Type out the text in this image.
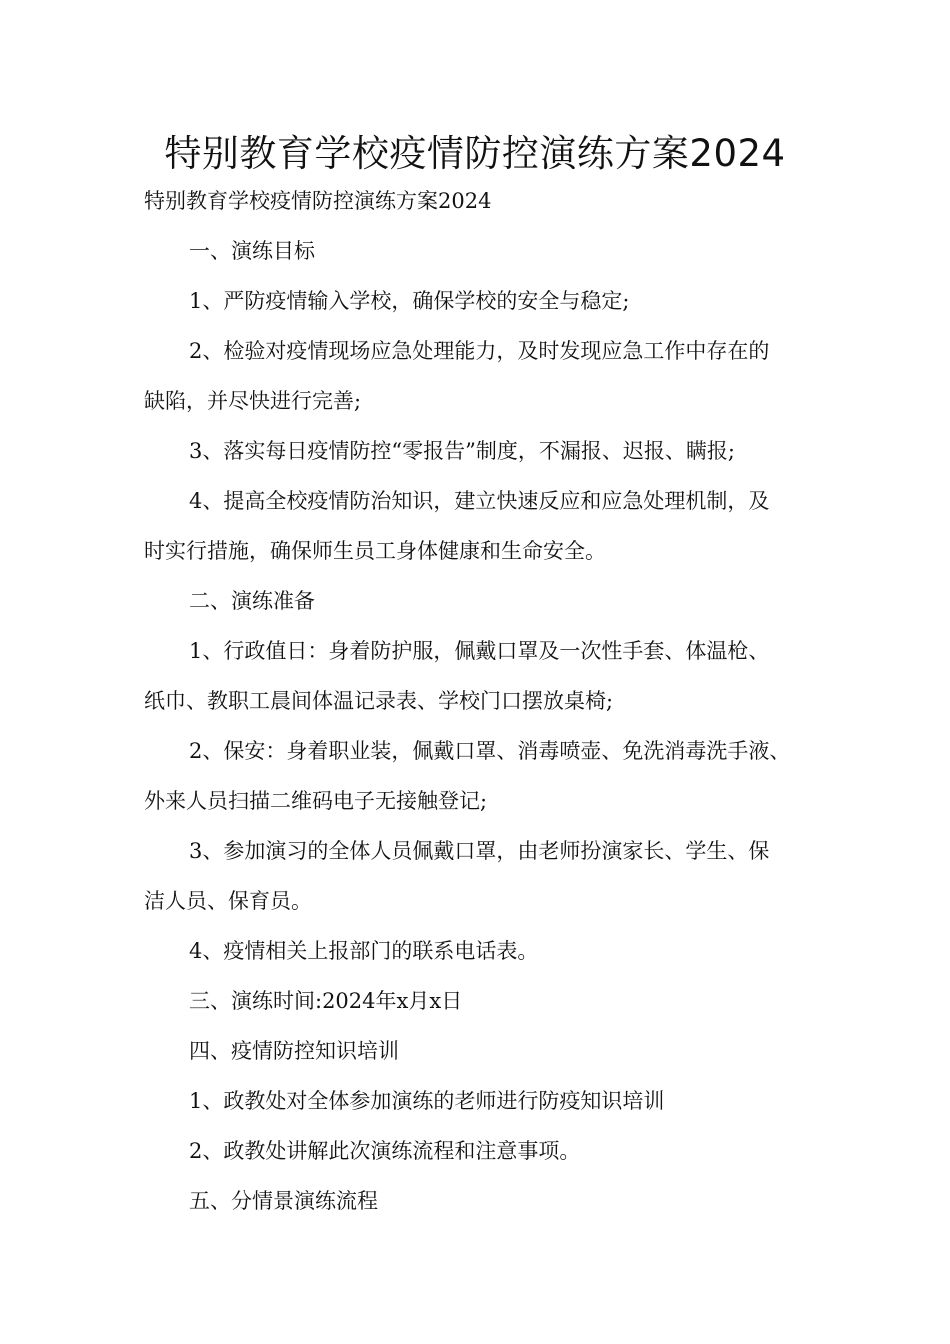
特别教育学校疫情防控演练方案2024

特别教育学校疫情防控演练方案2024

一、演练目标

1、严防疫情输入学校，确保学校的安全与稳定;

2、检验对疫情现场应急处理能力，及时发现应急工作中存在的

缺陷，并尽快进行完善;

3、落实每日疫情防控“零报告”制度，不漏报、迟报、瞒报;

4、提高全校疫情防治知识，建立快速反应和应急处理机制，及

时实行措施，确保师生员工身体健康和生命安全。

二、演练准备

1、行政值日：身着防护服，佩戴口罩及一次性手套、体温枪、

纸巾、教职工晨间体温记录表、学校门口摆放桌椅;

2、保安：身着职业装，佩戴口罩、消毒喷壶、免洗消毒洗手液、

外来人员扫描二维码电子无接触登记;

3、参加演习的全体人员佩戴口罩，由老师扮演家长、学生、保

洁人员、保育员。

4、疫情相关上报部门的联系电话表。

三、演练时间:2024年x月x日

四、疫情防控知识培训

1、政教处对全体参加演练的老师进行防疫知识培训

2、政教处讲解此次演练流程和注意事项。

五、分情景演练流程
